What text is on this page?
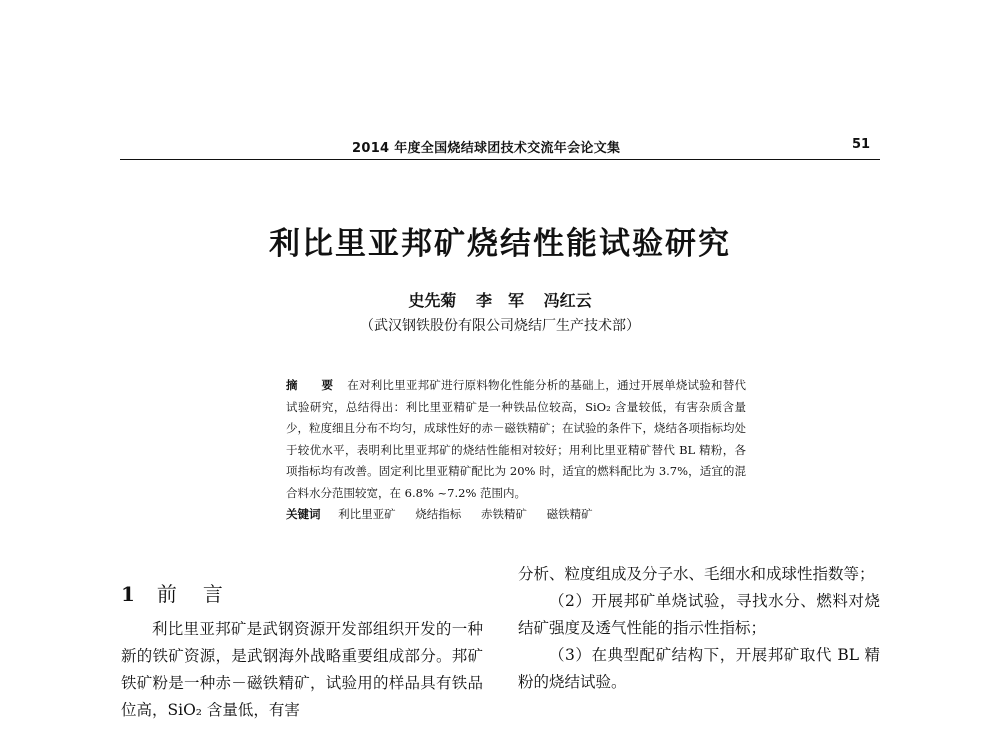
2014 年度全国烧结球团技术交流年会论文集	51
利比里亚邦矿烧结性能试验研究
史先菊 李　军 冯红云
（武汉钢铁股份有限公司烧结厂生产技术部）
摘　要 在对利比里亚邦矿进行原料物化性能分析的基础上，通过开展单烧试验和替代试验研究，总结得出：利比里亚精矿是一种铁品位较高，SiO₂ 含量较低，有害杂质含量少，粒度细且分布不均匀，成球性好的赤－磁铁精矿；在试验的条件下，烧结各项指标均处于较优水平，表明利比里亚邦矿的烧结性能相对较好；用利比里亚精矿替代 BL 精粉，各项指标均有改善。固定利比里亚精矿配比为 20% 时，适宜的燃料配比为 3.7%，适宜的混合料水分范围较宽，在 6.8% ~7.2% 范围内。
关键词 利比里亚矿 烧结指标 赤铁精矿 磁铁精矿
1 前言

利比里亚邦矿是武钢资源开发部组织开发的一种新的铁矿资源，是武钢海外战略重要组成部分。邦矿铁矿粉是一种赤－磁铁精矿，试验用的样品具有铁品位高，SiO₂ 含量低，有害

分析、粒度组成及分子水、毛细水和成球性指数等；

（2）开展邦矿单烧试验，寻找水分、燃料对烧结矿强度及透气性能的指示性指标；

（3）在典型配矿结构下，开展邦矿取代 BL 精粉的烧结试验。
